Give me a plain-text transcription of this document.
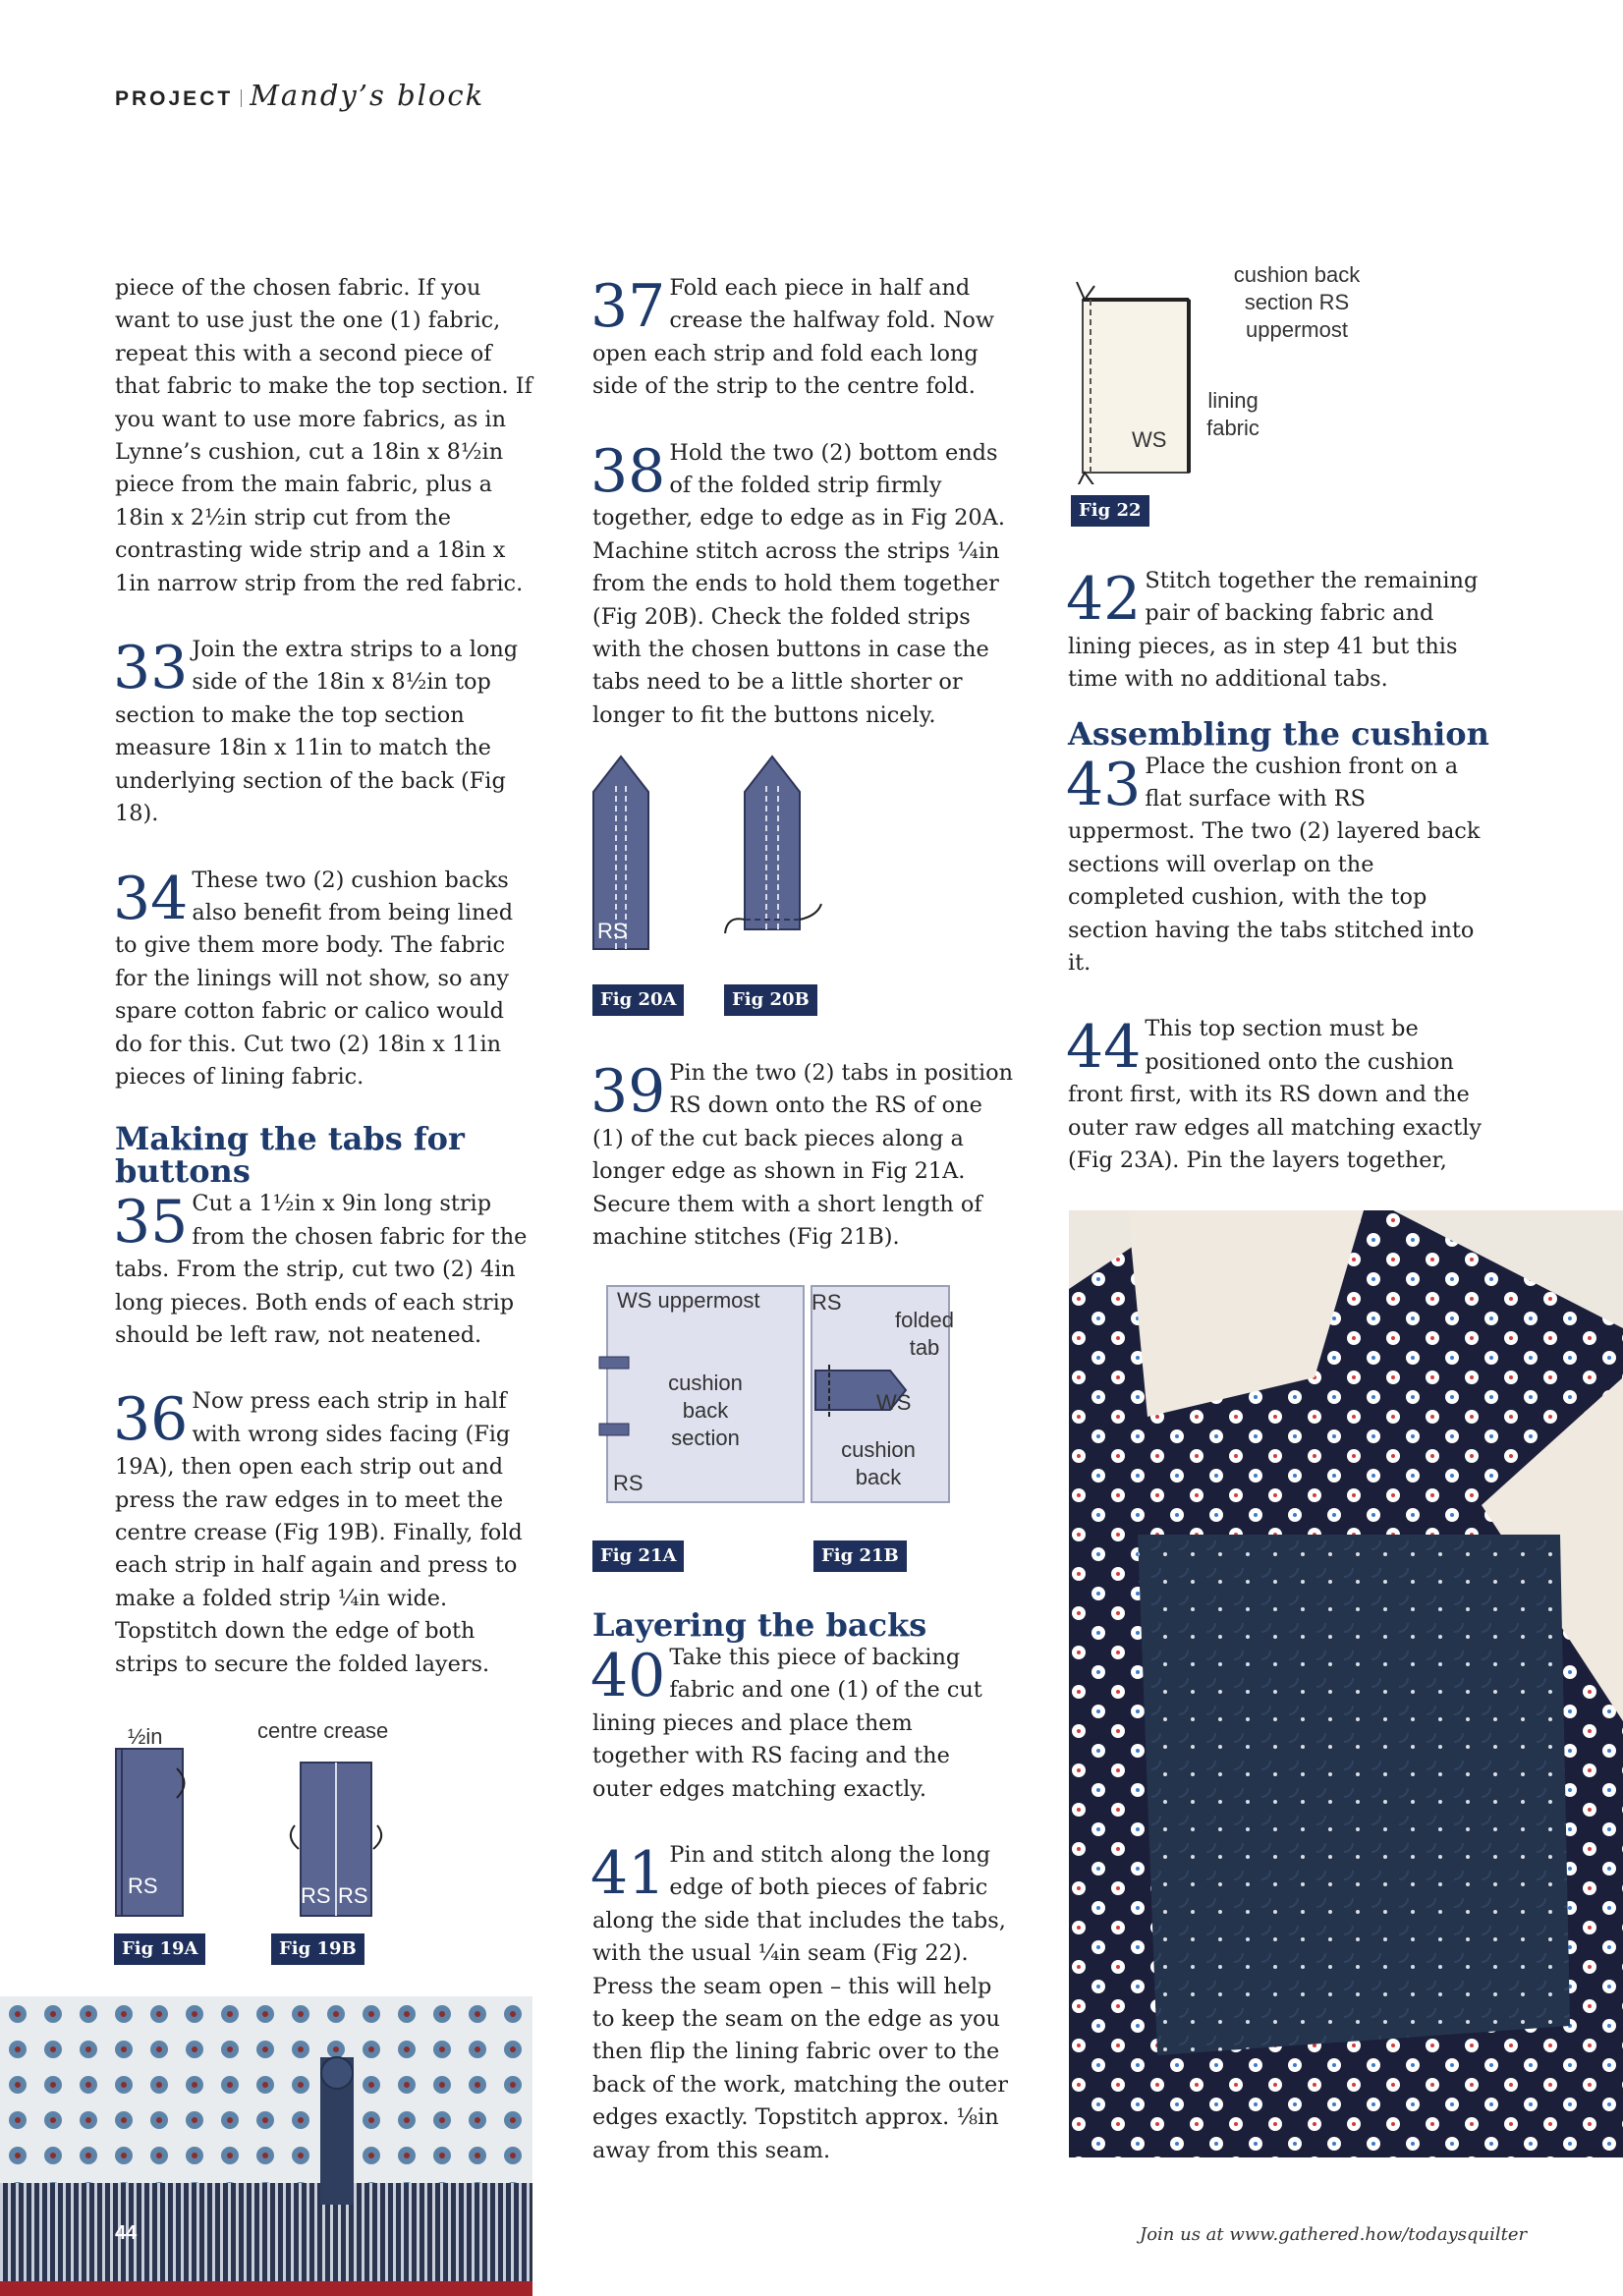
PROJECT Mandy’s block

piece of the chosen fabric. If you want to use just the one (1) fabric, repeat this with a second piece of that fabric to make the top section. If you want to use more fabrics, as in Lynne’s cushion, cut a 18in x 8½in piece from the main fabric, plus a 18in x 2½in strip cut from the contrasting wide strip and a 18in x 1in narrow strip from the red fabric.

33 Join the extra strips to a long side of the 18in x 8½in top section to make the top section measure 18in x 11in to match the underlying section of the back (Fig 18).

34 These two (2) cushion backs also benefit from being lined to give them more body. The fabric for the linings will not show, so any spare cotton fabric or calico would do for this. Cut two (2) 18in x 11in pieces of lining fabric.

Making the tabs for buttons

35 Cut a 1½in x 9in long strip from the chosen fabric for the tabs. From the strip, cut two (2) 4in long pieces. Both ends of each strip should be left raw, not neatened.

36 Now press each strip in half with wrong sides facing (Fig 19A), then open each strip out and press the raw edges in to meet the centre crease (Fig 19B). Finally, fold each strip in half again and press to make a folded strip ¼in wide. Topstitch down the edge of both strips to secure the folded layers.

37 Fold each piece in half and crease the halfway fold. Now open each strip and fold each long side of the strip to the centre fold.

38 Hold the two (2) bottom ends of the folded strip firmly together, edge to edge as in Fig 20A. Machine stitch across the strips ¼in from the ends to hold them together (Fig 20B). Check the folded strips with the chosen buttons in case the tabs need to be a little shorter or longer to fit the buttons nicely.

39 Pin the two (2) tabs in position RS down onto the RS of one (1) of the cut back pieces along a longer edge as shown in Fig 21A. Secure them with a short length of machine stitches (Fig 21B).

Layering the backs

40 Take this piece of backing fabric and one (1) of the cut lining pieces and place them together with RS facing and the outer edges matching exactly.

41 Pin and stitch along the long edge of both pieces of fabric along the side that includes the tabs, with the usual ¼in seam (Fig 22). Press the seam open – this will help to keep the seam on the edge as you then flip the lining fabric over to the back of the work, matching the outer edges exactly. Topstitch approx. ⅛in away from this seam.

42 Stitch together the remaining pair of backing fabric and lining pieces, as in step 41 but this time with no additional tabs.

Assembling the cushion

43 Place the cushion front on a flat surface with RS uppermost. The two (2) layered back sections will overlap on the completed cushion, with the top section having the tabs stitched into it.

44 This top section must be positioned onto the cushion front first, with its RS down and the outer raw edges all matching exactly (Fig 23A). Pin the layers together,

½in	centre crease
RS	RS RS
Fig 19A	Fig 19B
RS
Fig 20A	Fig 20B
WS uppermost
cushion back section
RS
RS
folded tab
WS
cushion back
Fig 21A	Fig 21B
cushion back section RS uppermost
lining fabric
WS
Fig 22
44	Join us at www.gathered.how/todaysquilter
